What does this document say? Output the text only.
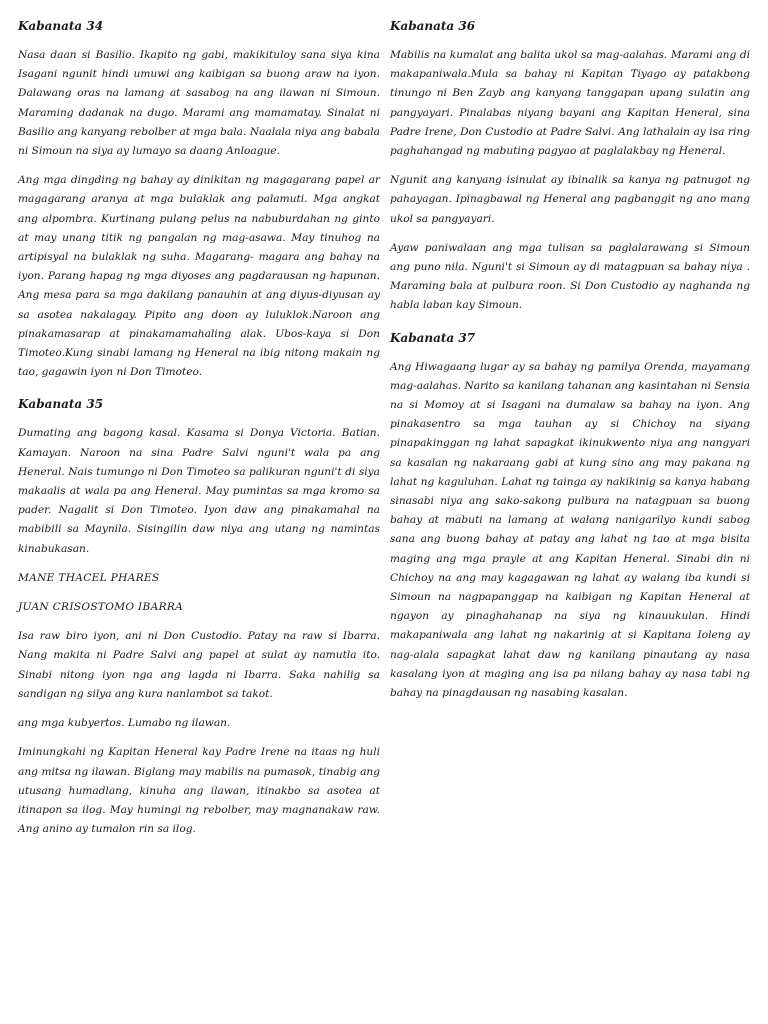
Kabanata 34

Nasa daan si Basilio. Ikapito ng gabi, makikituloy sana siya kina Isagani ngunit hindi umuwi ang kaibigan sa buong araw na iyon. Dalawang oras na lamang at sasabog na ang ilawan ni Simoun. Maraming dadanak na dugo. Marami ang mamamatay. Sinalat ni Basilio ang kanyang rebolber at mga bala. Naalala niya ang babala ni Simoun na siya ay lumayo sa daang Anloague.

Ang mga dingding ng bahay ay dinikitan ng magagarang papel ar magagarang aranya at mga bulaklak ang palamuti. Mga angkat ang alpombra. Kurtinang pulang pelus na nabuburdahan ng ginto at may unang titik ng pangalan ng mag-asawa. May tinuhog na artipisyal na bulaklak ng suha. Magarang- magara ang bahay na iyon. Parang hapag ng mga diyoses ang pagdarausan ng hapunan. Ang mesa para sa mga dakilang panauhin at ang diyus-diyusan ay sa asotea nakalagay. Pipito ang doon ay luluklok.Naroon ang pinakamasarap at pinakamamahaling alak. Ubos-kaya si Don Timoteo.Kung sinabi lamang ng Heneral na ibig nitong makain ng tao, gagawin iyon ni Don Timoteo.

Kabanata 35

Dumating ang bagong kasal. Kasama si Donya Victoria. Batian. Kamayan. Naroon na sina Padre Salvi nguni't wala pa ang Heneral. Nais tumungo ni Don Timoteo sa palikuran nguni't di siya makaalis at wala pa ang Heneral. May pumintas sa mga kromo sa pader. Nagalit si Don Timoteo. Iyon daw ang pinakamahal na mabibili sa Maynila. Sisingilin daw niya ang utang ng namintas kinabukasan.

MANE THACEL PHARES

JUAN CRISOSTOMO IBARRA

Isa raw biro iyon, ani ni Don Custodio. Patay na raw si Ibarra. Nang makita ni Padre Salvi ang papel at sulat ay namutla ito. Sinabi nitong iyon nga ang lagda ni Ibarra. Saka nahilig sa sandigan ng silya ang kura nanlambot sa takot.

ang mga kubyertos. Lumabo ng ilawan.

Iminungkahi ng Kapitan Heneral kay Padre Irene na itaas ng huli ang mitsa ng ilawan. Biglang may mabilis na pumasok, tinabig ang utusang humadlang, kinuha ang ilawan, itinakbo sa asotea at itinapon sa ilog. May humingi ng rebolber, may magnanakaw raw. Ang anino ay tumalon rin sa ilog.

Kabanata 36

Mabilis na kumalat ang balita ukol sa mag-aalahas. Marami ang di makapaniwala.Mula sa bahay ni Kapitan Tiyago ay patakbong tinungo ni Ben Zayb ang kanyang tanggapan upang sulatin ang pangyayari. Pinalabas niyang bayani ang Kapitan Heneral, sina Padre Irene, Don Custodio at Padre Salvi. Ang lathalain ay isa ring paghahangad ng mabuting pagyao at paglalakbay ng Heneral.

Ngunit ang kanyang isinulat ay ibinalik sa kanya ng patnugot ng pahayagan. Ipinagbawal ng Heneral ang pagbanggit ng ano mang ukol sa pangyayari.

Ayaw paniwalaan ang mga tulisan sa paglalarawang si Simoun ang puno nila. Nguni't si Simoun ay di matagpuan sa bahay niya . Maraming bala at pulbura roon. Si Don Custodio ay naghanda ng habla laban kay Simoun.

Kabanata 37

Ang Hiwagaang lugar ay sa bahay ng pamilya Orenda, mayamang mag-aalahas. Narito sa kanilang tahanan ang kasintahan ni Sensia na si Momoy at si Isagani na dumalaw sa bahay na iyon. Ang pinakasentro sa mga tauhan ay si Chichoy na siyang pinapakinggan ng lahat sapagkat ikinukwento niya ang nangyari sa kasalan ng nakaraang gabi at kung sino ang may pakana ng lahat ng kaguluhan. Lahat ng tainga ay nakikinig sa kanya habang sinasabi niya ang sako-sakong pulbura na natagpuan sa buong bahay at mabuti na lamang at walang nanigarilyo kundi sabog sana ang buong bahay at patay ang lahat ng tao at mga bisita maging ang mga prayle at ang Kapitan Heneral. Sinabi din ni Chichoy na ang may kagagawan ng lahat ay walang iba kundi si Simoun na nagpapanggap na kaibigan ng Kapitan Heneral at ngayon ay pinaghahanap na siya ng kinauukulan. Hindi makapaniwala ang lahat ng nakarinig at si Kapitana Ioleng ay nag-alala sapagkat lahat daw ng kanilang pinautang ay nasa kasalang iyon at maging ang isa pa nilang bahay ay nasa tabi ng bahay na pinagdausan ng nasabing kasalan.
